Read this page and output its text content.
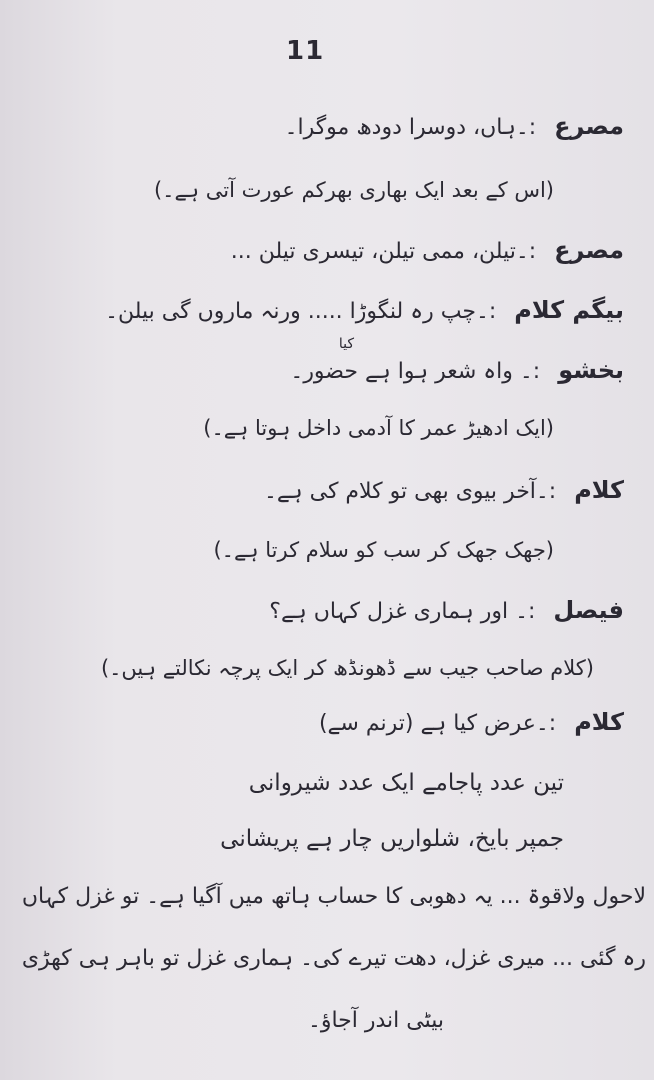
11
مصرع:۔ہاں، دوسرا دودھ موگرا۔
(اس کے بعد ایک بھاری بھرکم عورت آتی ہے۔)
مصرع:۔تیلن، ممی تیلن، تیسری تیلن ...
بیگم کلام:۔چپ رہ لنگوڑا ..... ورنہ ماروں گی بیلن۔
کیا
بخشو:۔ واہ شعر ہوا ہے حضور۔
(ایک ادھیڑ عمر کا آدمی داخل ہوتا ہے۔)
کلام:۔آخر بیوی بھی تو کلام کی ہے۔
(جھک جھک کر سب کو سلام کرتا ہے۔)
فیصل:۔ اور ہماری غزل کہاں ہے؟
(کلام صاحب جیب سے ڈھونڈھ کر ایک پرچہ نکالتے ہیں۔)
کلام:۔عرض کیا ہے (ترنم سے)
تین عدد پاجامے ایک عدد شیروانی
جمپر بایخ، شلواریں چار ہے پریشانی
لاحول ولاقوۃ ... یہ دھوبی کا حساب ہاتھ میں آگیا ہے۔ تو غزل کہاں
رہ گئی ... میری غزل، دھت تیرے کی۔ ہماری غزل تو باہر ہی کھڑی
بیٹی اندر آجاؤ۔
